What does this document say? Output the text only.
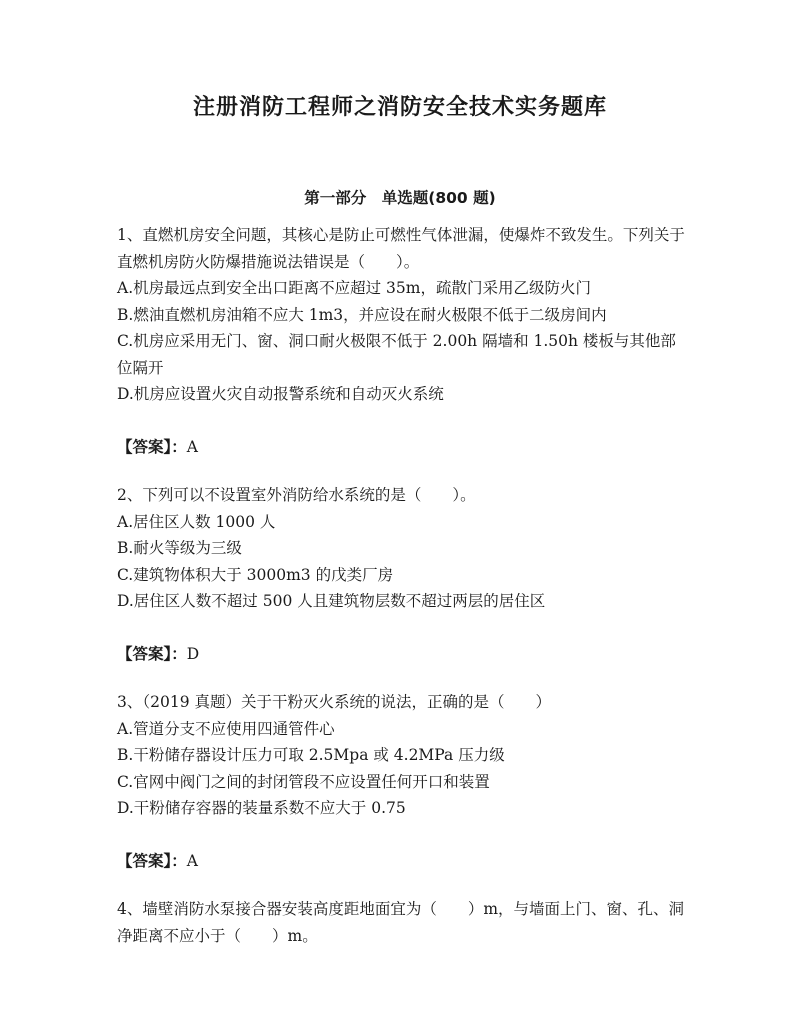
注册消防工程师之消防安全技术实务题库
第一部分　单选题(800 题)

1、直燃机房安全问题，其核心是防止可燃性气体泄漏，使爆炸不致发生。下列关于直燃机房防火防爆措施说法错误是（　　）。

A.机房最远点到安全出口距离不应超过 35m，疏散门采用乙级防火门

B.燃油直燃机房油箱不应大 1m3，并应设在耐火极限不低于二级房间内

C.机房应采用无门、窗、洞口耐火极限不低于 2.00h 隔墙和 1.50h 楼板与其他部位隔开

D.机房应设置火灾自动报警系统和自动灭火系统

【答案】：A

2、下列可以不设置室外消防给水系统的是（　　）。

A.居住区人数 1000 人

B.耐火等级为三级

C.建筑物体积大于 3000m3 的戊类厂房

D.居住区人数不超过 500 人且建筑物层数不超过两层的居住区

【答案】：D

3、（2019 真题）关于干粉灭火系统的说法，正确的是（　　）

A.管道分支不应使用四通管件心

B.干粉储存器设计压力可取 2.5Mpa 或 4.2MPa 压力级

C.官网中阀门之间的封闭管段不应设置任何开口和装置

D.干粉储存容器的装量系数不应大于 0.75

【答案】：A

4、墙壁消防水泵接合器安装高度距地面宜为（　　）m，与墙面上门、窗、孔、洞净距离不应小于（　　）m。
